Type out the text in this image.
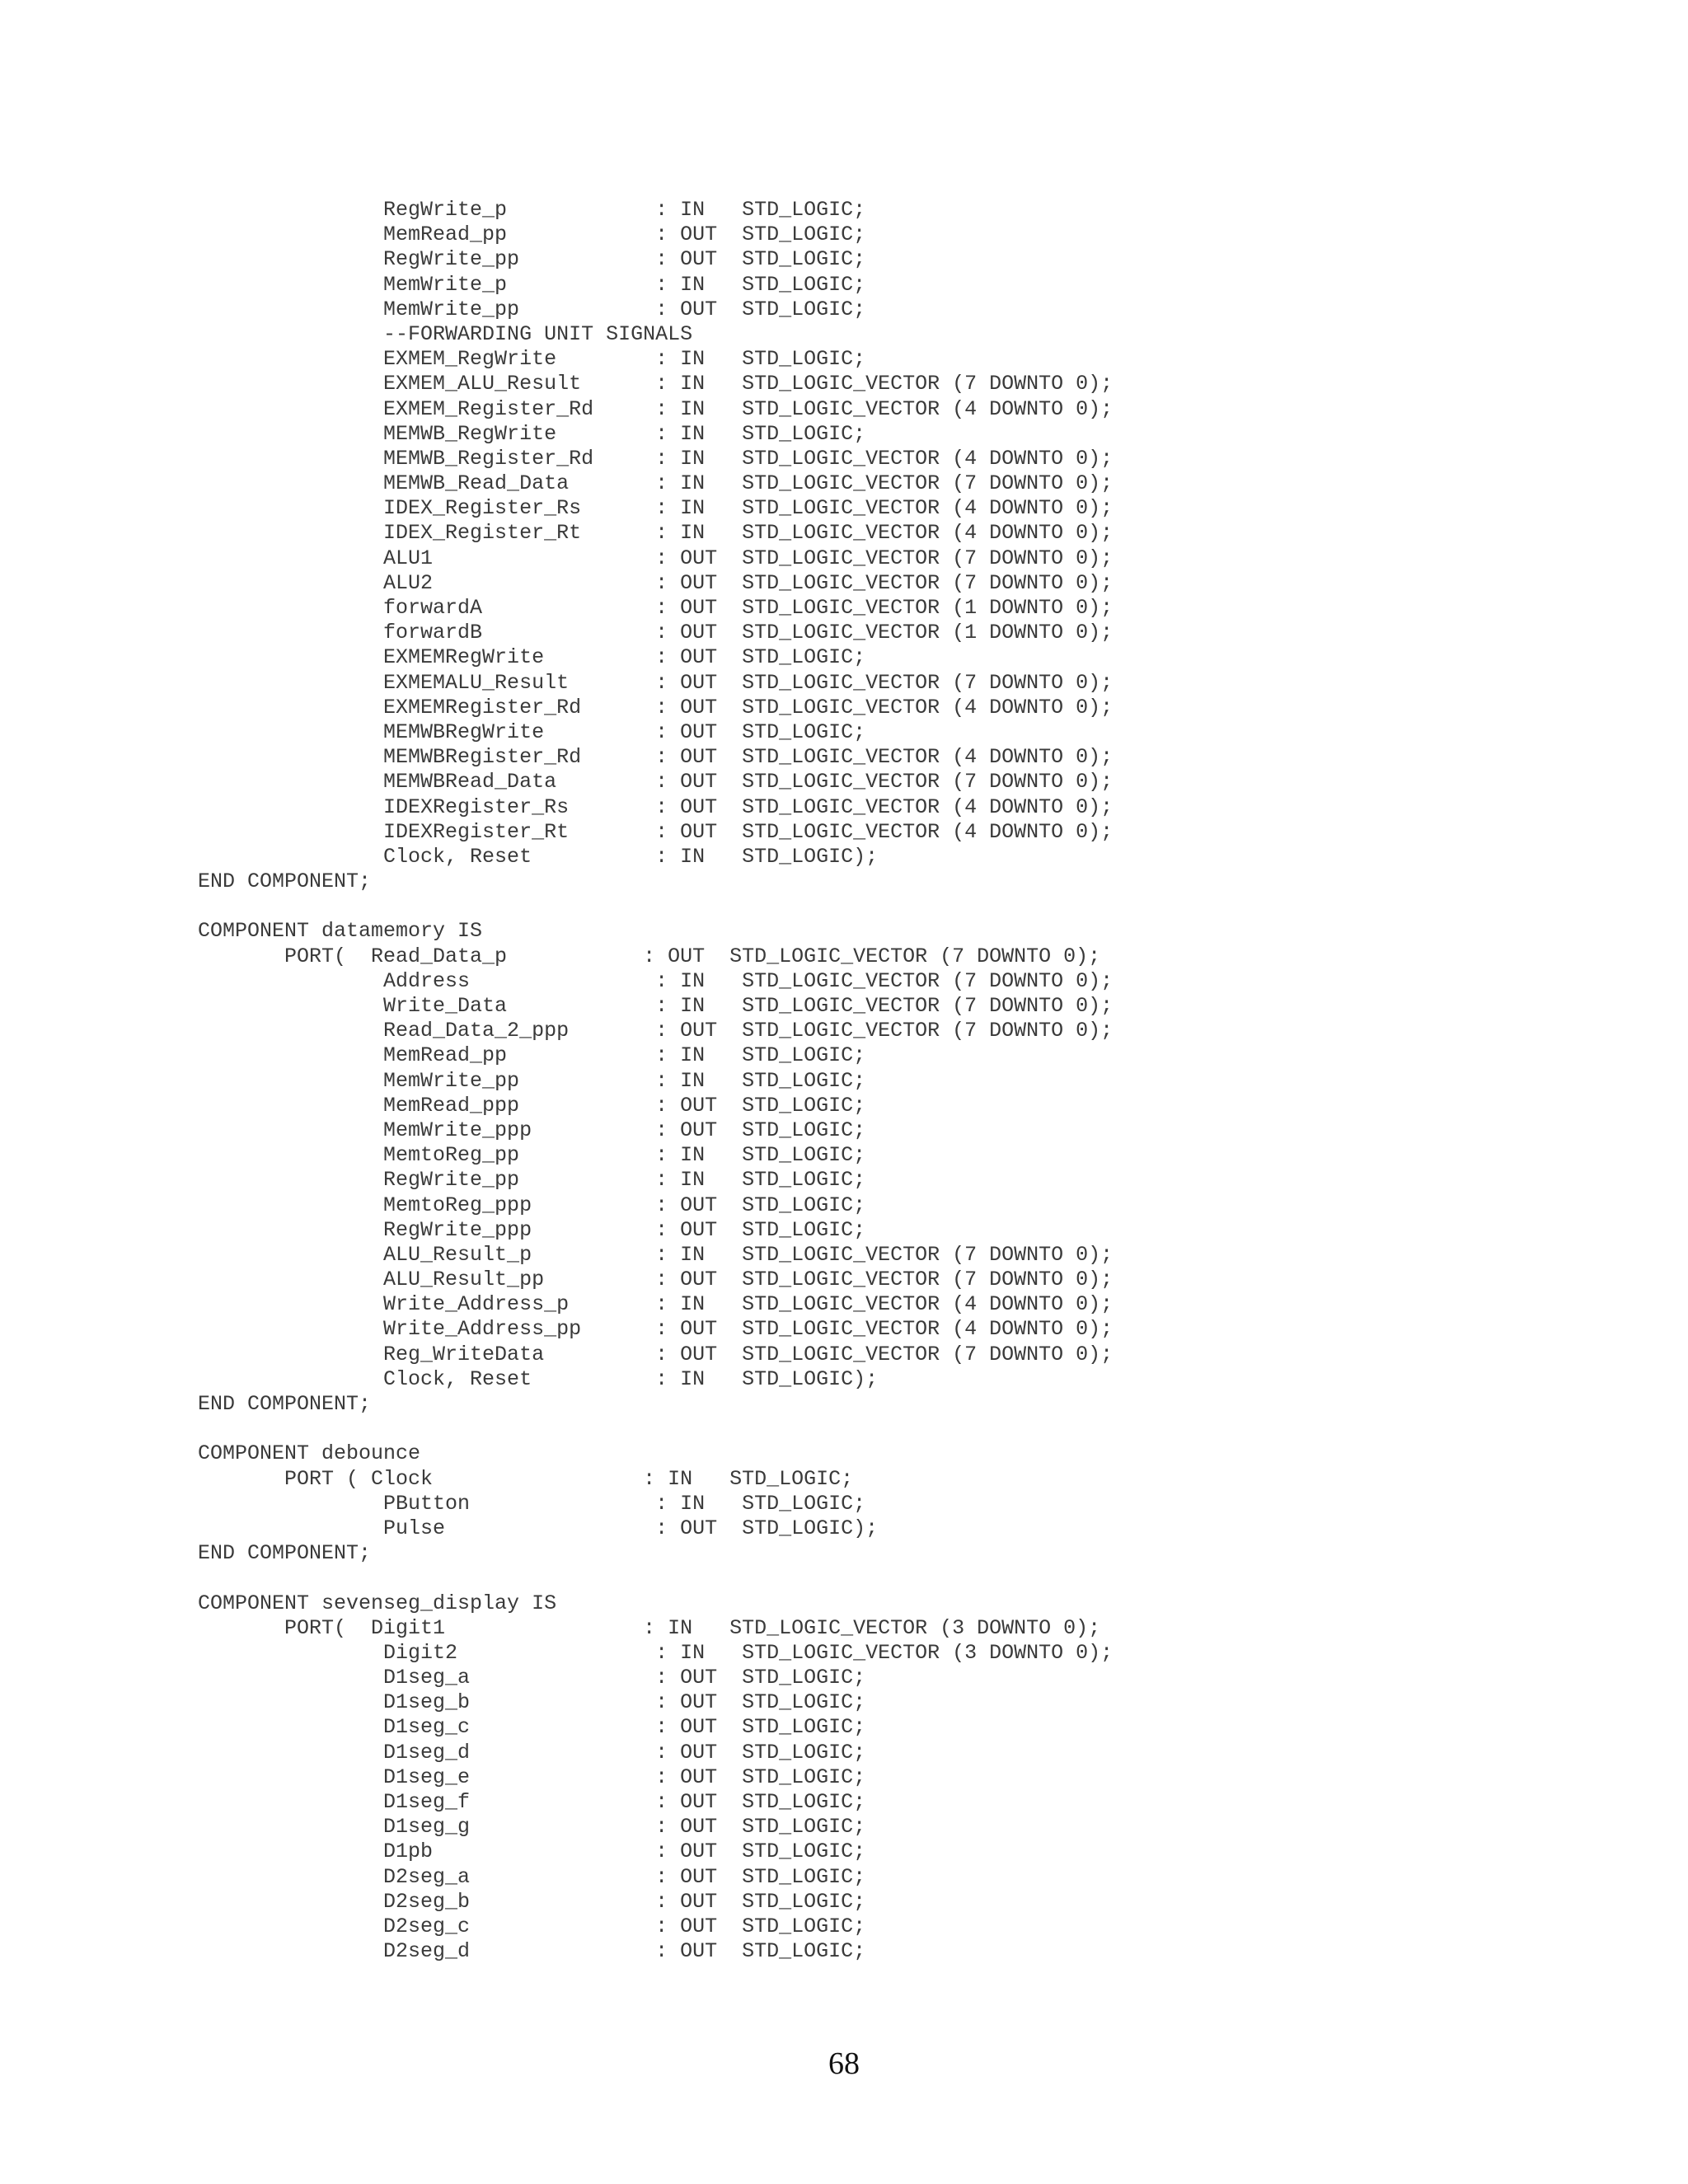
RegWrite_p            : IN   STD_LOGIC;
MemRead_pp            : OUT  STD_LOGIC;
RegWrite_pp           : OUT  STD_LOGIC;
MemWrite_p            : IN   STD_LOGIC;
MemWrite_pp           : OUT  STD_LOGIC;
--FORWARDING UNIT SIGNALS
EXMEM_RegWrite        : IN   STD_LOGIC;
EXMEM_ALU_Result      : IN   STD_LOGIC_VECTOR (7 DOWNTO 0);
EXMEM_Register_Rd     : IN   STD_LOGIC_VECTOR (4 DOWNTO 0);
MEMWB_RegWrite        : IN   STD_LOGIC;
MEMWB_Register_Rd     : IN   STD_LOGIC_VECTOR (4 DOWNTO 0);
MEMWB_Read_Data       : IN   STD_LOGIC_VECTOR (7 DOWNTO 0);
IDEX_Register_Rs      : IN   STD_LOGIC_VECTOR (4 DOWNTO 0);
IDEX_Register_Rt      : IN   STD_LOGIC_VECTOR (4 DOWNTO 0);
ALU1                  : OUT  STD_LOGIC_VECTOR (7 DOWNTO 0);
ALU2                  : OUT  STD_LOGIC_VECTOR (7 DOWNTO 0);
forwardA              : OUT  STD_LOGIC_VECTOR (1 DOWNTO 0);
forwardB              : OUT  STD_LOGIC_VECTOR (1 DOWNTO 0);
EXMEMRegWrite         : OUT  STD_LOGIC;
EXMEMALU_Result       : OUT  STD_LOGIC_VECTOR (7 DOWNTO 0);
EXMEMRegister_Rd      : OUT  STD_LOGIC_VECTOR (4 DOWNTO 0);
MEMWBRegWrite         : OUT  STD_LOGIC;
MEMWBRegister_Rd      : OUT  STD_LOGIC_VECTOR (4 DOWNTO 0);
MEMWBRead_Data        : OUT  STD_LOGIC_VECTOR (7 DOWNTO 0);
IDEXRegister_Rs       : OUT  STD_LOGIC_VECTOR (4 DOWNTO 0);
IDEXRegister_Rt       : OUT  STD_LOGIC_VECTOR (4 DOWNTO 0);
Clock, Reset          : IN   STD_LOGIC);
END COMPONENT;
COMPONENT datamemory IS
PORT(  Read_Data_p           : OUT  STD_LOGIC_VECTOR (7 DOWNTO 0);
Address               : IN   STD_LOGIC_VECTOR (7 DOWNTO 0);
Write_Data            : IN   STD_LOGIC_VECTOR (7 DOWNTO 0);
Read_Data_2_ppp       : OUT  STD_LOGIC_VECTOR (7 DOWNTO 0);
MemRead_pp            : IN   STD_LOGIC;
MemWrite_pp           : IN   STD_LOGIC;
MemRead_ppp           : OUT  STD_LOGIC;
MemWrite_ppp          : OUT  STD_LOGIC;
MemtoReg_pp           : IN   STD_LOGIC;
RegWrite_pp           : IN   STD_LOGIC;
MemtoReg_ppp          : OUT  STD_LOGIC;
RegWrite_ppp          : OUT  STD_LOGIC;
ALU_Result_p          : IN   STD_LOGIC_VECTOR (7 DOWNTO 0);
ALU_Result_pp         : OUT  STD_LOGIC_VECTOR (7 DOWNTO 0);
Write_Address_p       : IN   STD_LOGIC_VECTOR (4 DOWNTO 0);
Write_Address_pp      : OUT  STD_LOGIC_VECTOR (4 DOWNTO 0);
Reg_WriteData         : OUT  STD_LOGIC_VECTOR (7 DOWNTO 0);
Clock, Reset          : IN   STD_LOGIC);
END COMPONENT;
COMPONENT debounce
PORT ( Clock                 : IN   STD_LOGIC;
PButton               : IN   STD_LOGIC;
Pulse                 : OUT  STD_LOGIC);
END COMPONENT;
COMPONENT sevenseg_display IS
PORT(  Digit1                : IN   STD_LOGIC_VECTOR (3 DOWNTO 0);
Digit2                : IN   STD_LOGIC_VECTOR (3 DOWNTO 0);
D1seg_a               : OUT  STD_LOGIC;
D1seg_b               : OUT  STD_LOGIC;
D1seg_c               : OUT  STD_LOGIC;
D1seg_d               : OUT  STD_LOGIC;
D1seg_e               : OUT  STD_LOGIC;
D1seg_f               : OUT  STD_LOGIC;
D1seg_g               : OUT  STD_LOGIC;
D1pb                  : OUT  STD_LOGIC;
D2seg_a               : OUT  STD_LOGIC;
D2seg_b               : OUT  STD_LOGIC;
D2seg_c               : OUT  STD_LOGIC;
D2seg_d               : OUT  STD_LOGIC;
68
